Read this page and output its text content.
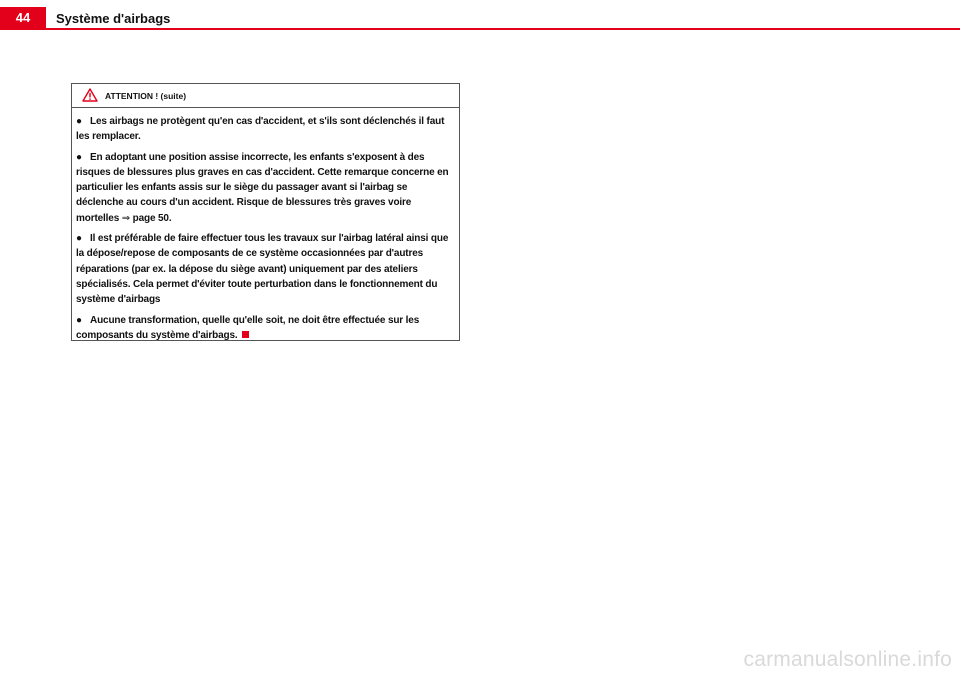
44	Système d'airbags
ATTENTION ! (suite)

● Les airbags ne protègent qu'en cas d'accident, et s'ils sont déclenchés il faut les remplacer.

● En adoptant une position assise incorrecte, les enfants s'exposent à des risques de blessures plus graves en cas d'accident. Cette remarque concerne en particulier les enfants assis sur le siège du passager avant si l'airbag se déclenche au cours d'un accident. Risque de blessures très graves voire mortelles ⇒ page 50.

● Il est préférable de faire effectuer tous les travaux sur l'airbag latéral ainsi que la dépose/repose de composants de ce système occasionnées par d'autres réparations (par ex. la dépose du siège avant) uniquement par des ateliers spécialisés. Cela permet d'éviter toute perturbation dans le fonctionnement du système d'airbags

● Aucune transformation, quelle qu'elle soit, ne doit être effectuée sur les composants du système d'airbags.

carmanualsonline.info
